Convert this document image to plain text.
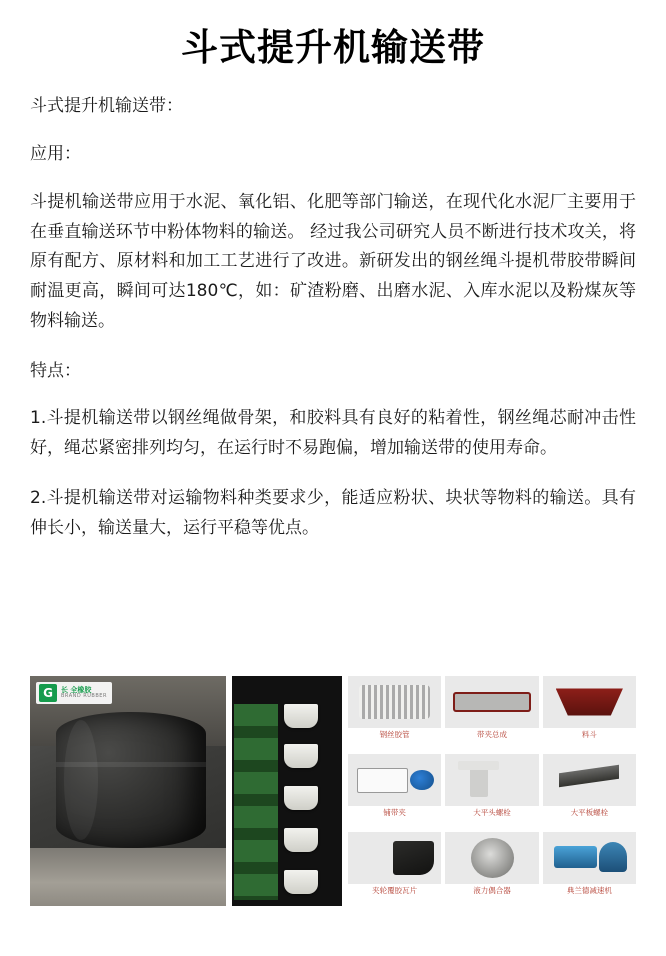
斗式提升机输送带

斗式提升机输送带：

应用：

斗提机输送带应用于水泥、氧化铝、化肥等部门输送，在现代化水泥厂主要用于在垂直输送环节中粉体物料的输送。 经过我公司研究人员不断进行技术攻关，将原有配方、原材料和加工工艺进行了改进。新研发出的钢丝绳斗提机带胶带瞬间耐温更高，瞬间可达180℃，如：矿渣粉磨、出磨水泥、入库水泥以及粉煤灰等物料输送。

特点：

1.斗提机输送带以钢丝绳做骨架，和胶料具有良好的粘着性，钢丝绳芯耐冲击性好，绳芯紧密排列均匀，在运行时不易跑偏，增加输送带的使用寿命。

2.斗提机输送带对运输物料种类要求少，能适应粉状、块状等物料的输送。具有伸长小，输送量大，运行平稳等优点。

G	长 全橡胶
BRAND RUBBER
钢丝胶管	带夹总成	料斗
铺带夹	大平头螺栓	大平板螺栓
夹轮覆胶瓦片	液力偶合器	典兰德减速机
